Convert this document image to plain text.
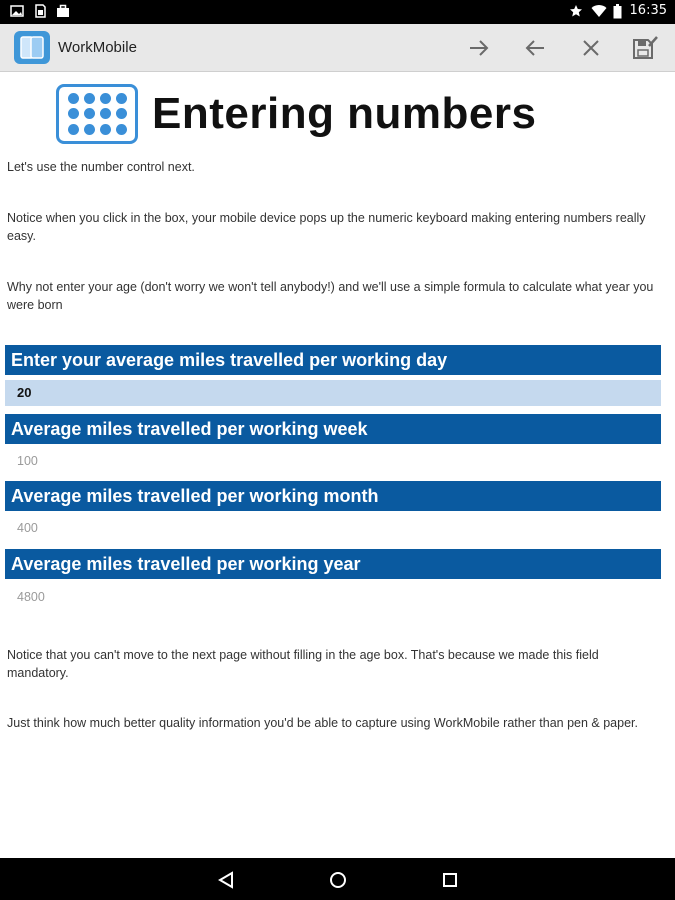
16:35
WorkMobile
Entering numbers
Let's use the number control next.
Notice when you click in the box, your mobile device pops up the numeric keyboard making entering numbers really easy.
Why not enter your age (don't worry we won't tell anybody!) and we'll use a simple formula to calculate what year you were born
Enter your average miles travelled per working day
20
Average miles travelled per working week
100
Average miles travelled per working month
400
Average miles travelled per working year
4800
Notice that you can't move to the next page without filling in the age box. That's because we made this field mandatory.
Just think how much better quality information you'd be able to capture using WorkMobile rather than pen & paper.
